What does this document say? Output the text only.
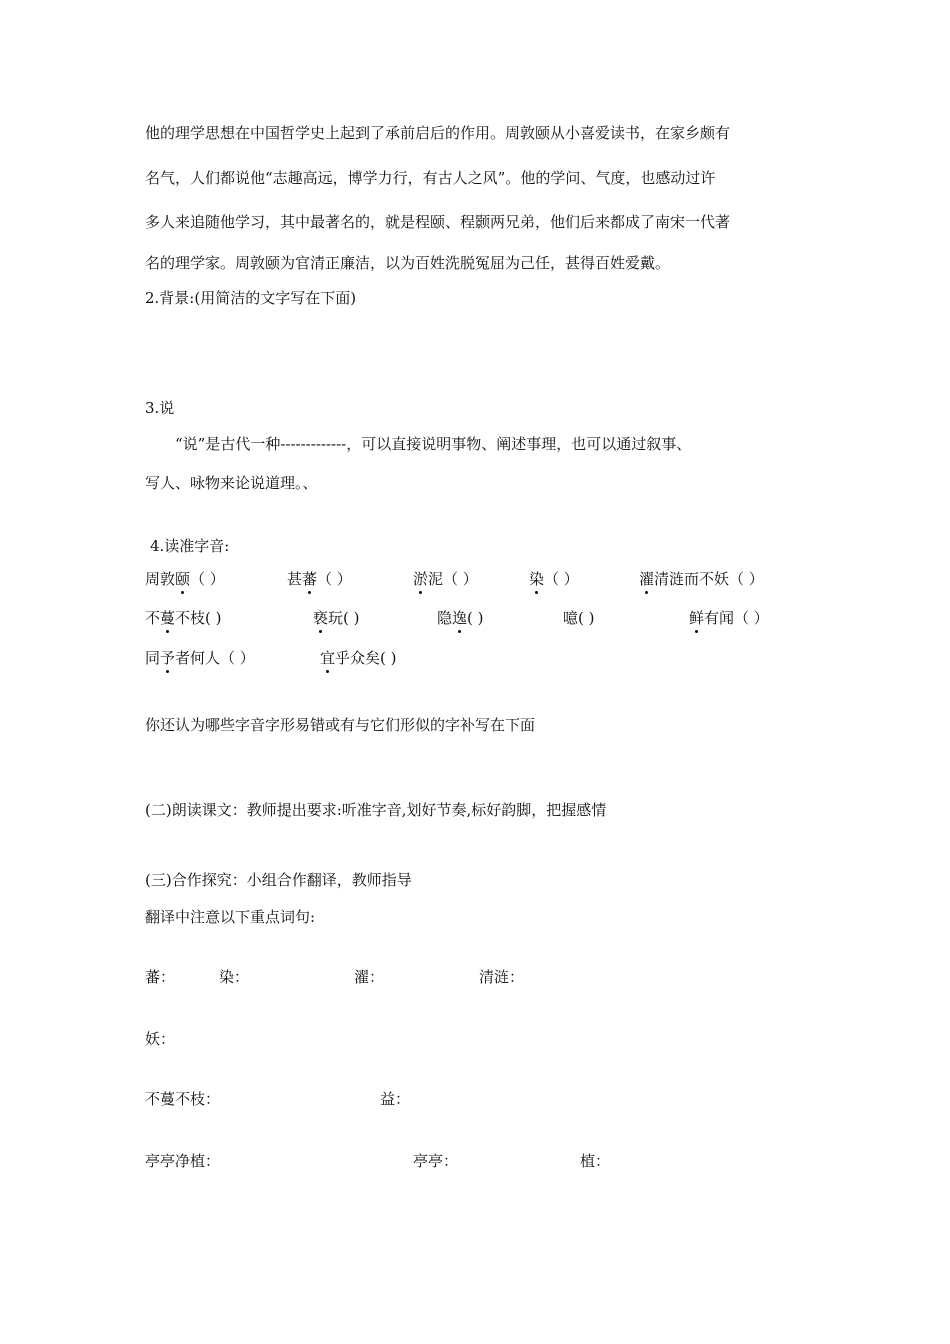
他的理学思想在中国哲学史上起到了承前启后的作用。周敦颐从小喜爱读书，在家乡颇有
名气，人们都说他“志趣高远，博学力行，有古人之风”。他的学问、气度，也感动过许
多人来追随他学习，其中最著名的，就是程颐、程颢两兄弟，他们后来都成了南宋一代著
名的理学家。周敦颐为官清正廉洁，以为百姓洗脱冤屈为己任，甚得百姓爱戴。
2.背景:(用简洁的文字写在下面)
3.说
“说”是古代一种-------------，可以直接说明事物、阐述事理，也可以通过叙事、
写人、咏物来论说道理。、
4.读准字音:
周敦颐（ ）	甚蕃（ ）	淤泥（ ）	染（ ）	濯清涟而不妖（ ）
不蔓不枝( )	亵玩( )	隐逸( )	噫( )	鲜有闻（ ）
同予者何人（ ）	宜乎众矣( )
你还认为哪些字音字形易错或有与它们形似的字补写在下面
(二)朗读课文：教师提出要求:听准字音,划好节奏,标好韵脚，把握感情
(三)合作探究：小组合作翻译，教师指导
翻译中注意以下重点词句:
蕃：	染：	濯：	清涟：
妖：
不蔓不枝：	益：
亭亭净植：	亭亭：	植：
